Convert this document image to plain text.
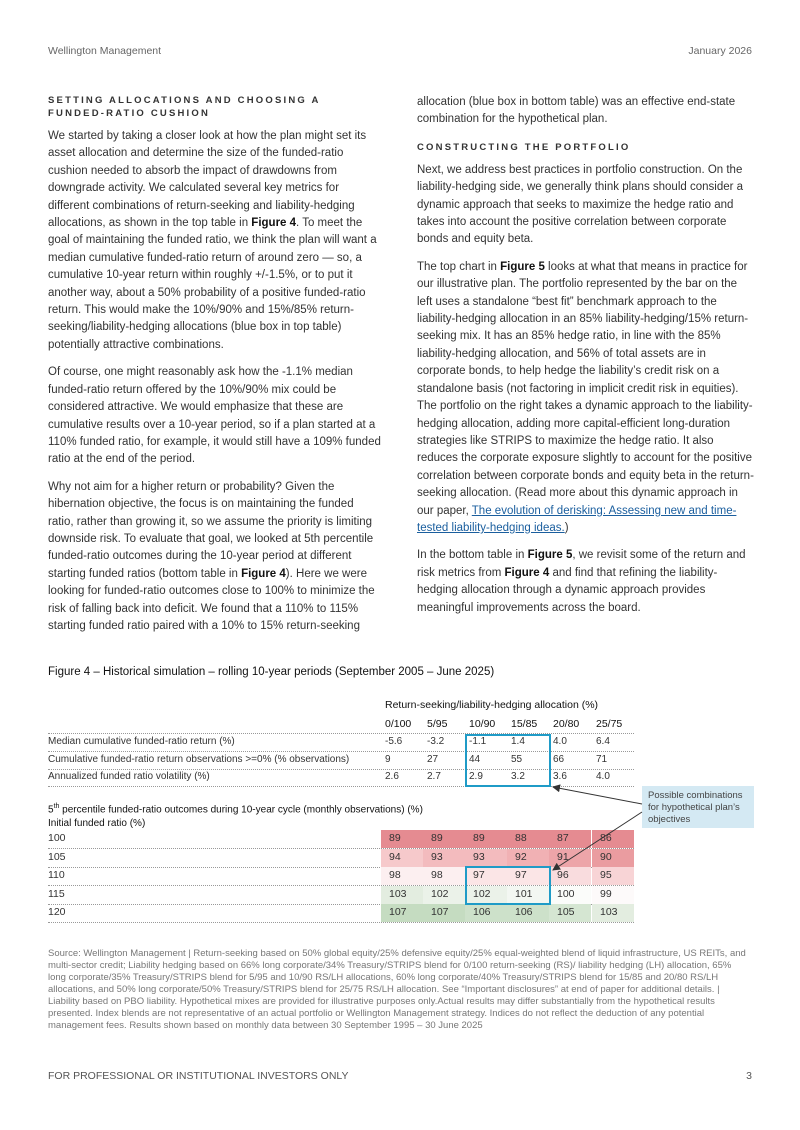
Wellington Management	January 2026
SETTING ALLOCATIONS AND CHOOSING A FUNDED-RATIO CUSHION

We started by taking a closer look at how the plan might set its asset allocation and determine the size of the funded-ratio cushion needed to absorb the impact of drawdowns from downgrade activity. We calculated several key metrics for different combinations of return-seeking and liability-hedging allocations, as shown in the top table in Figure 4. To meet the goal of maintaining the funded ratio, we think the plan will want a median cumulative funded-ratio return of around zero — so, a cumulative 10-year return within roughly +/-1.5%, or to put it another way, about a 50% probability of a positive funded-ratio return. This would make the 10%/90% and 15%/85% return-seeking/liability-hedging allocations (blue box in top table) potentially attractive combinations.

Of course, one might reasonably ask how the -1.1% median funded-ratio return offered by the 10%/90% mix could be considered attractive. We would emphasize that these are cumulative results over a 10-year period, so if a plan started at a 110% funded ratio, for example, it would still have a 109% funded ratio at the end of the period.

Why not aim for a higher return or probability? Given the hibernation objective, the focus is on maintaining the funded ratio, rather than growing it, so we assume the priority is limiting downside risk. To evaluate that goal, we looked at 5th percentile funded-ratio outcomes during the 10-year period at different starting funded ratios (bottom table in Figure 4). Here we were looking for funded-ratio outcomes close to 100% to minimize the risk of falling back into deficit. We found that a 110% to 115% starting funded ratio paired with a 10% to 15% return-seeking

allocation (blue box in bottom table) was an effective end-state combination for the hypothetical plan.

CONSTRUCTING THE PORTFOLIO

Next, we address best practices in portfolio construction. On the liability-hedging side, we generally think plans should consider a dynamic approach that seeks to maximize the hedge ratio and takes into account the positive correlation between corporate bonds and equity beta.

The top chart in Figure 5 looks at what that means in practice for our illustrative plan. The portfolio represented by the bar on the left uses a standalone “best fit” benchmark approach to the liability-hedging allocation in an 85% liability-hedging/15% return-seeking mix. It has an 85% hedge ratio, in line with the 85% liability-hedging allocation, and 56% of total assets are in corporate bonds, to help hedge the liability’s credit risk on a standalone basis (not factoring in implicit credit risk in equities). The portfolio on the right takes a dynamic approach to the liability-hedging allocation, adding more capital-efficient long-duration strategies like STRIPS to maximize the hedge ratio. It also reduces the corporate exposure slightly to account for the positive correlation between corporate bonds and equity beta in the return-seeking allocation. (Read more about this dynamic approach in our paper, The evolution of derisking: Assessing new and time-tested liability-hedging ideas.)

In the bottom table in Figure 5, we revisit some of the return and risk metrics from Figure 4 and find that refining the liability-hedging allocation through a dynamic approach provides meaningful improvements across the board.

Figure 4 – Historical simulation – rolling 10-year periods (September 2005 – June 2025)
Return-seeking/liability-hedging allocation (%)
0/100	5/95	10/90	15/85	20/80	25/75
Median cumulative funded-ratio return (%)	-5.6	-3.2	-1.1	1.4	4.0	6.4
Cumulative funded-ratio return observations >=0% (% observations)	9	27	44	55	66	71
Annualized funded ratio volatility (%)	2.6	2.7	2.9	3.2	3.6	4.0
5th percentile funded-ratio outcomes during 10-year cycle (monthly observations) (%)
Initial funded ratio (%)
100	89	89	89	88	87	86
105	94	93	93	92	91	90
110	98	98	97	97	96	95
115	103	102	102	101	100	99
120	107	107	106	106	105	103
Possible combinations for hypothetical plan’s objectives
Source: Wellington Management | Return-seeking based on 50% global equity/25% defensive equity/25% equal-weighted blend of liquid infrastructure, US REITs, and multi-sector credit; Liability hedging based on 66% long corporate/34% Treasury/STRIPS blend for 0/100 return-seeking (RS)/ liability hedging (LH) allocation, 65% long corporate/35% Treasury/STRIPS blend for 5/95 and 10/90 RS/LH allocations, 60% long corporate/40% Treasury/STRIPS blend for 15/85 and 20/80 RS/LH allocations, and 50% long corporate/50% Treasury/STRIPS blend for 25/75 RS/LH allocation. See “Important disclosures” at end of paper for additional details. | Liability based on PBO liability. Hypothetical mixes are provided for illustrative purposes only.Actual results may differ substantially from the hypothetical results presented. Index blends are not representative of an actual portfolio or Wellington Management strategy. Indices do not reflect the deduction of any potential management fees. Results shown based on monthly data between 30 September 1995 – 30 June 2025
FOR PROFESSIONAL OR INSTITUTIONAL INVESTORS ONLY	3
